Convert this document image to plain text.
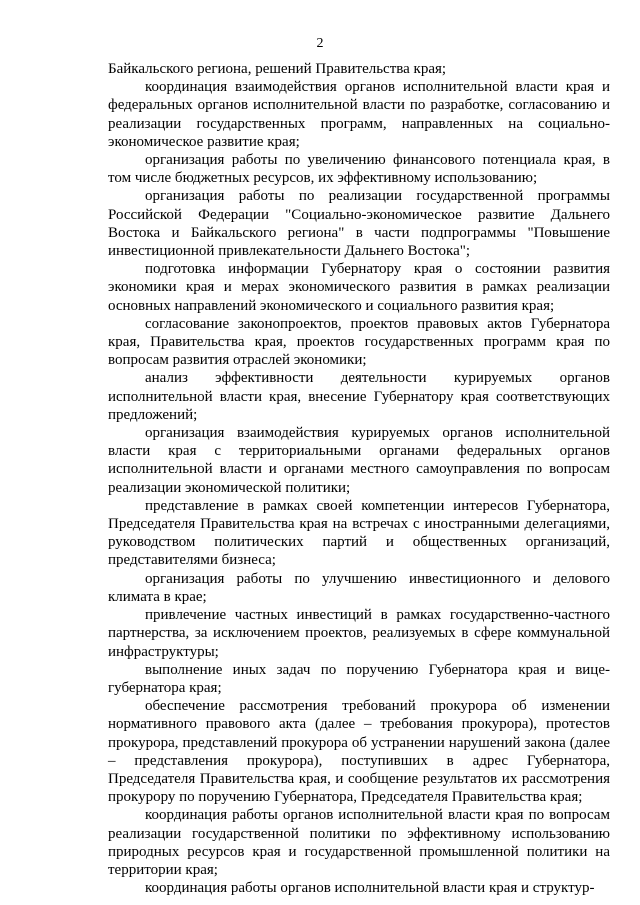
2

Байкальского региона, решений Правительства края;

координация взаимодействия органов исполнительной власти края и федеральных органов исполнительной власти по разработке, согласованию и реализации государственных программ, направленных на социально-экономическое развитие края;

организация работы по увеличению финансового потенциала края, в том числе бюджетных ресурсов, их эффективному использованию;

организация работы по реализации государственной программы Российской Федерации "Социально-экономическое развитие Дальнего Востока и Байкальского региона" в части подпрограммы "Повышение инвестиционной привлекательности Дальнего Востока";

подготовка информации Губернатору края о состоянии развития экономики края и мерах экономического развития в рамках реализации основных направлений экономического и социального развития края;

согласование законопроектов, проектов правовых актов Губернатора края, Правительства края, проектов государственных программ края по вопросам развития отраслей экономики;

анализ эффективности деятельности курируемых органов исполнительной власти края, внесение Губернатору края соответствующих предложений;

организация взаимодействия курируемых органов исполнительной власти края с территориальными органами федеральных органов исполнительной власти и органами местного самоуправления по вопросам реализации экономической политики;

представление в рамках своей компетенции интересов Губернатора, Председателя Правительства края на встречах с иностранными делегациями, руководством политических партий и общественных организаций, представителями бизнеса;

организация работы по улучшению инвестиционного и делового климата в крае;

привлечение частных инвестиций в рамках государственно-частного партнерства, за исключением проектов, реализуемых в сфере коммунальной инфраструктуры;

выполнение иных задач по поручению Губернатора края и вице-губернатора края;

обеспечение рассмотрения требований прокурора об изменении нормативного правового акта (далее – требования прокурора), протестов прокурора, представлений прокурора об устранении нарушений закона (далее – представления прокурора), поступивших в адрес Губернатора, Председателя Правительства края, и сообщение результатов их рассмотрения прокурору по поручению Губернатора, Председателя Правительства края;

координация работы органов исполнительной власти края по вопросам реализации государственной политики по эффективному использованию природных ресурсов края и государственной промышленной политики на территории края;

координация работы органов исполнительной власти края и структур-
